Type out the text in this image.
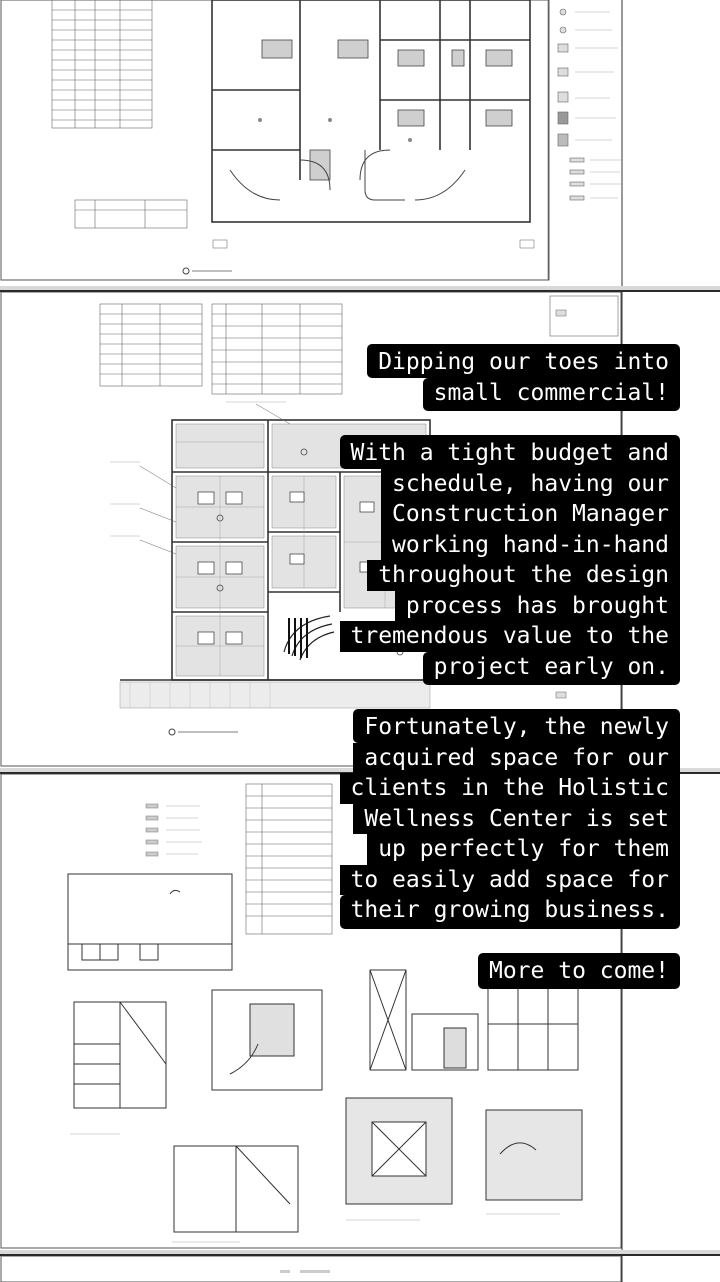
Dipping our toes into
small commercial!
With a tight budget and
schedule, having our
Construction Manager
working hand-in-hand
throughout the design
process has brought
tremendous value to the
project early on.
Fortunately, the newly
acquired space for our
clients in the Holistic
Wellness Center is set
up perfectly for them
to easily add space for
their growing business.
More to come!
